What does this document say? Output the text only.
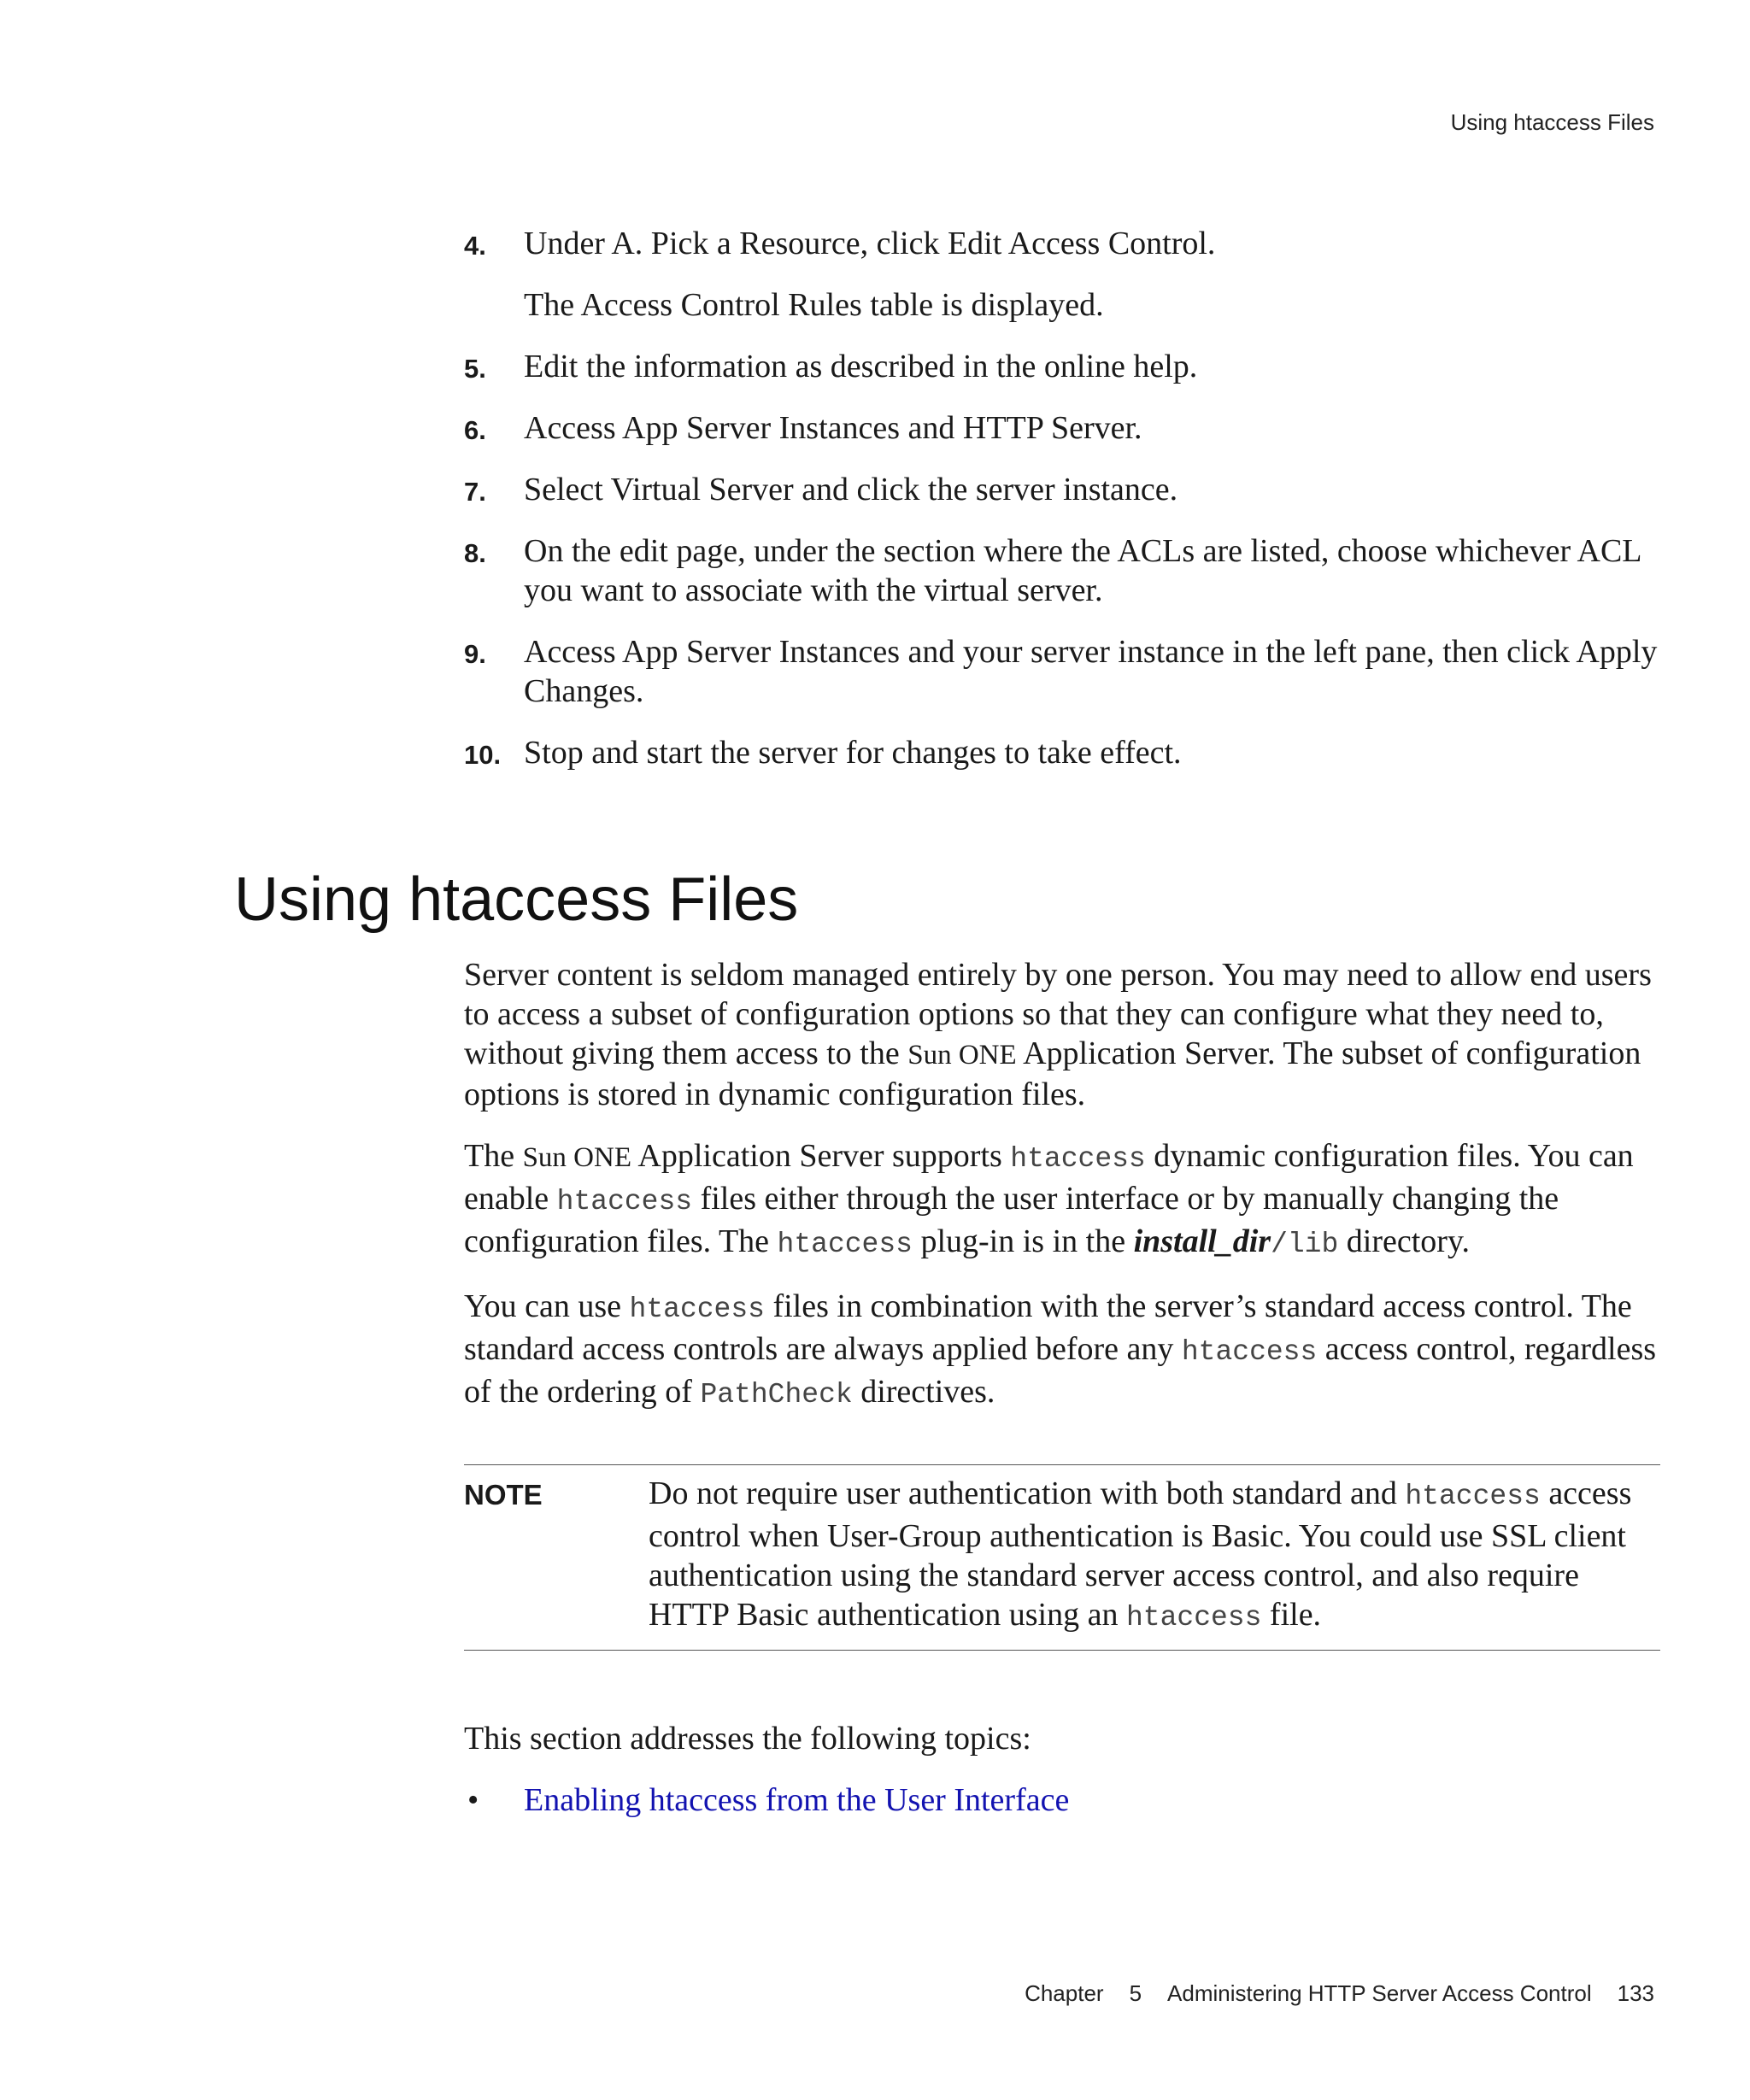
Using htaccess Files
4. Under A. Pick a Resource, click Edit Access Control.
The Access Control Rules table is displayed.
5. Edit the information as described in the online help.
6. Access App Server Instances and HTTP Server.
7. Select Virtual Server and click the server instance.
8. On the edit page, under the section where the ACLs are listed, choose whichever ACL you want to associate with the virtual server.
9. Access App Server Instances and your server instance in the left pane, then click Apply Changes.
10. Stop and start the server for changes to take effect.
Using htaccess Files

Server content is seldom managed entirely by one person. You may need to allow end users to access a subset of configuration options so that they can configure what they need to, without giving them access to the Sun ONE Application Server. The subset of configuration options is stored in dynamic configuration files.

The Sun ONE Application Server supports htaccess dynamic configuration files. You can enable htaccess files either through the user interface or by manually changing the configuration files. The htaccess plug-in is in the install_dir/lib directory.

You can use htaccess files in combination with the server’s standard access control. The standard access controls are always applied before any htaccess access control, regardless of the ordering of PathCheck directives.

NOTE	Do not require user authentication with both standard and htaccess access control when User-Group authentication is Basic. You could use SSL client authentication using the standard server access control, and also require HTTP Basic authentication using an htaccess file.

This section addresses the following topics:

• Enabling htaccess from the User Interface
Chapter 5 Administering HTTP Server Access Control 133
